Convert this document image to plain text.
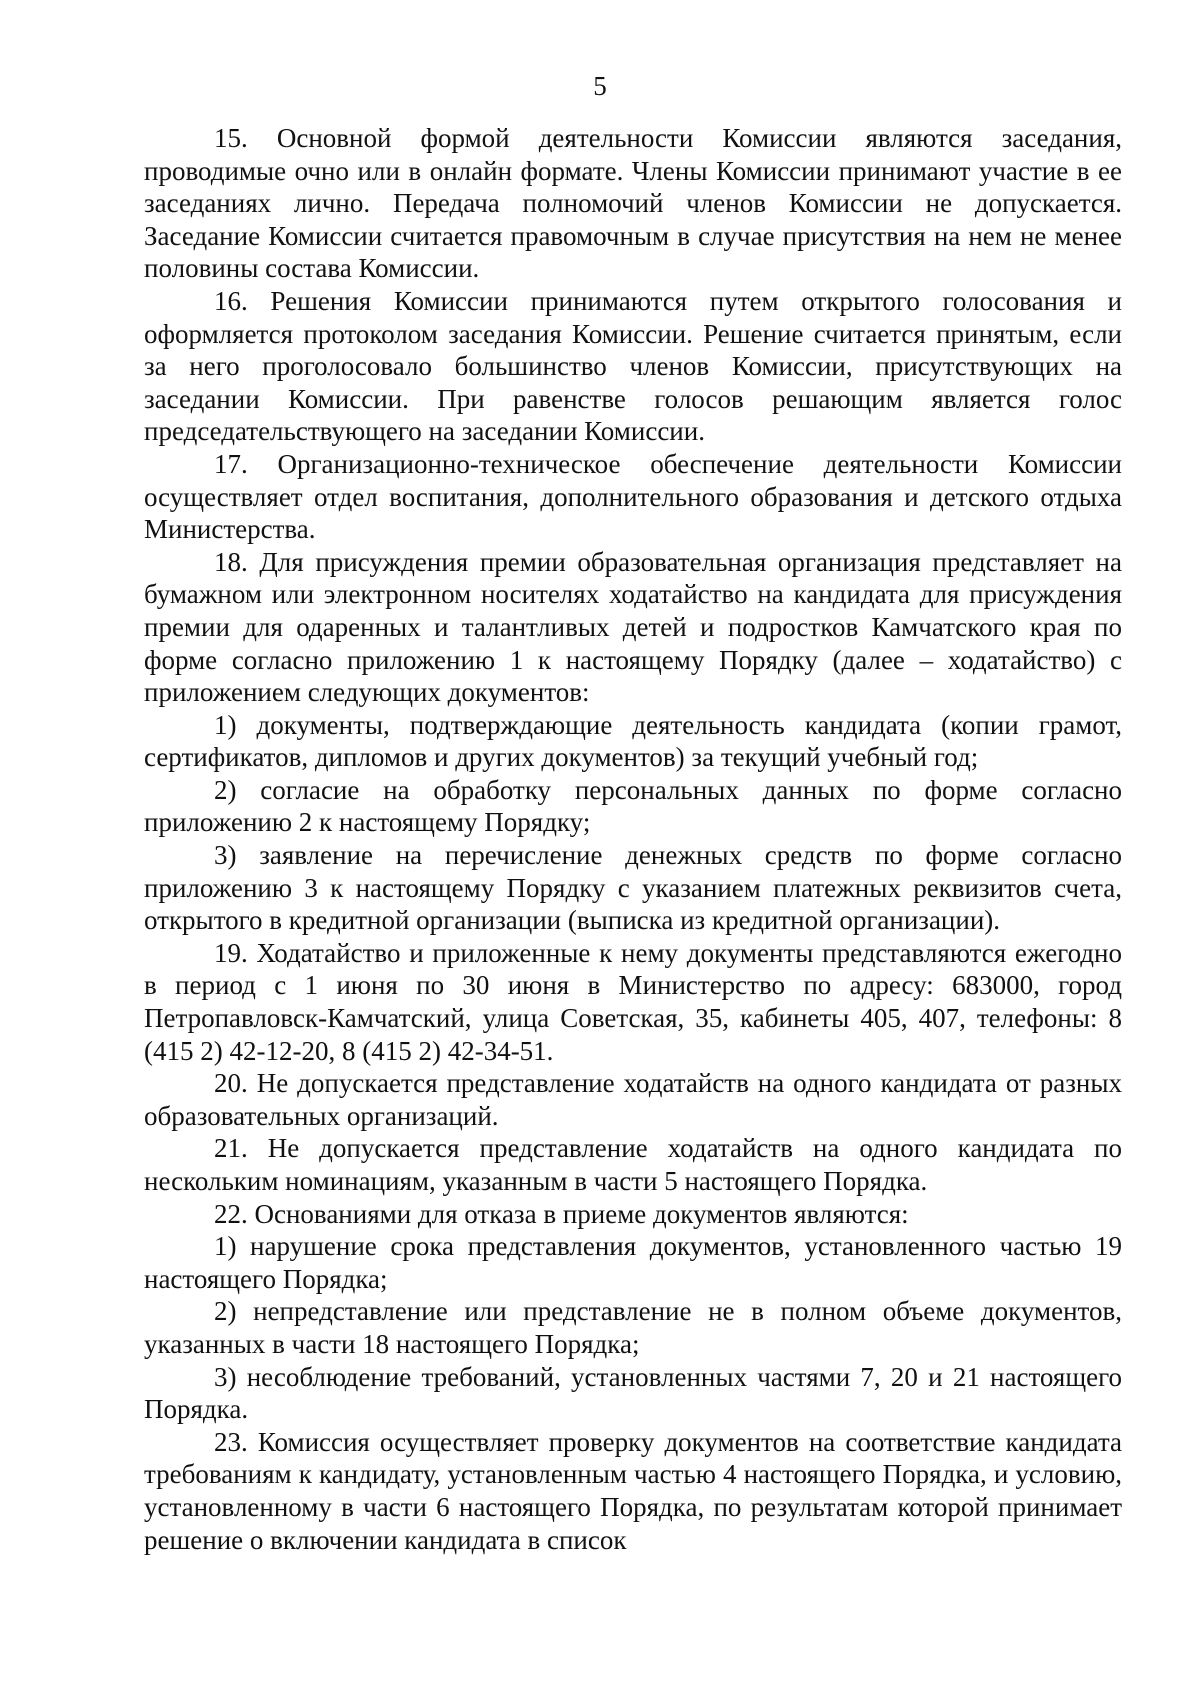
5

15. Основной формой деятельности Комиссии являются заседания, проводимые очно или в онлайн формате. Члены Комиссии принимают участие в ее заседаниях лично. Передача полномочий членов Комиссии не допускается. Заседание Комиссии считается правомочным в случае присутствия на нем не менее половины состава Комиссии.

16. Решения Комиссии принимаются путем открытого голосования и оформляется протоколом заседания Комиссии. Решение считается принятым, если за него проголосовало большинство членов Комиссии, присутствующих на заседании Комиссии. При равенстве голосов решающим является голос председательствующего на заседании Комиссии.

17. Организационно-техническое обеспечение деятельности Комиссии осуществляет отдел воспитания, дополнительного образования и детского отдыха Министерства.

18. Для присуждения премии образовательная организация представляет на бумажном или электронном носителях ходатайство на кандидата для присуждения премии для одаренных и талантливых детей и подростков Камчатского края по форме согласно приложению 1 к настоящему Порядку (далее – ходатайство) с приложением следующих документов:

1) документы, подтверждающие деятельность кандидата (копии грамот, сертификатов, дипломов и других документов) за текущий учебный год;

2) согласие на обработку персональных данных по форме согласно приложению 2 к настоящему Порядку;

3) заявление на перечисление денежных средств по форме согласно приложению 3 к настоящему Порядку с указанием платежных реквизитов счета, открытого в кредитной организации (выписка из кредитной организации).

19. Ходатайство и приложенные к нему документы представляются ежегодно в период с 1 июня по 30 июня в Министерство по адресу: 683000, город Петропавловск-Камчатский, улица Советская, 35, кабинеты 405, 407, телефоны: 8 (415 2) 42-12-20, 8 (415 2) 42-34-51.

20. Не допускается представление ходатайств на одного кандидата от разных образовательных организаций.

21. Не допускается представление ходатайств на одного кандидата по нескольким номинациям, указанным в части 5 настоящего Порядка.

22. Основаниями для отказа в приеме документов являются:

1) нарушение срока представления документов, установленного частью 19 настоящего Порядка;

2) непредставление или представление не в полном объеме документов, указанных в части 18 настоящего Порядка;

3) несоблюдение требований, установленных частями 7, 20 и 21 настоящего Порядка.

23. Комиссия осуществляет проверку документов на соответствие кандидата требованиям к кандидату, установленным частью 4 настоящего Порядка, и условию, установленному в части 6 настоящего Порядка, по результатам которой принимает решение о включении кандидата в список
